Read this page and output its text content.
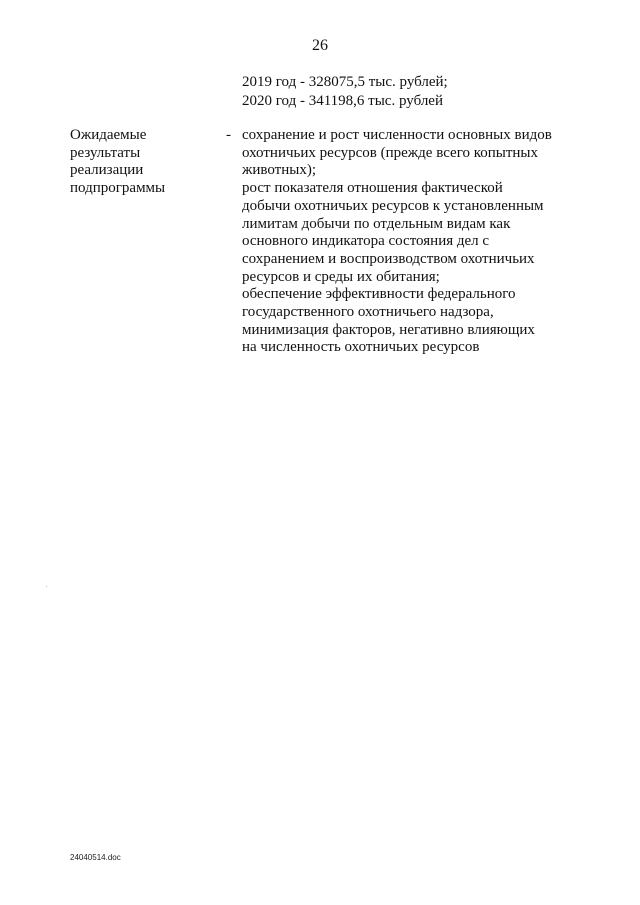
26
2019 год - 328075,5 тыс. рублей;
2020 год - 341198,6 тыс. рублей
Ожидаемые
результаты
реализации
подпрограммы
- сохранение и рост численности основных видов
охотничьих ресурсов (прежде всего копытных
животных);
рост показателя отношения фактической
добычи охотничьих ресурсов к установленным
лимитам добычи по отдельным видам как
основного индикатора состояния дел с
сохранением и воспроизводством охотничьих
ресурсов и среды их обитания;
обеспечение эффективности федерального
государственного охотничьего надзора,
минимизация факторов, негативно влияющих
на численность охотничьих ресурсов
24040514.doc
